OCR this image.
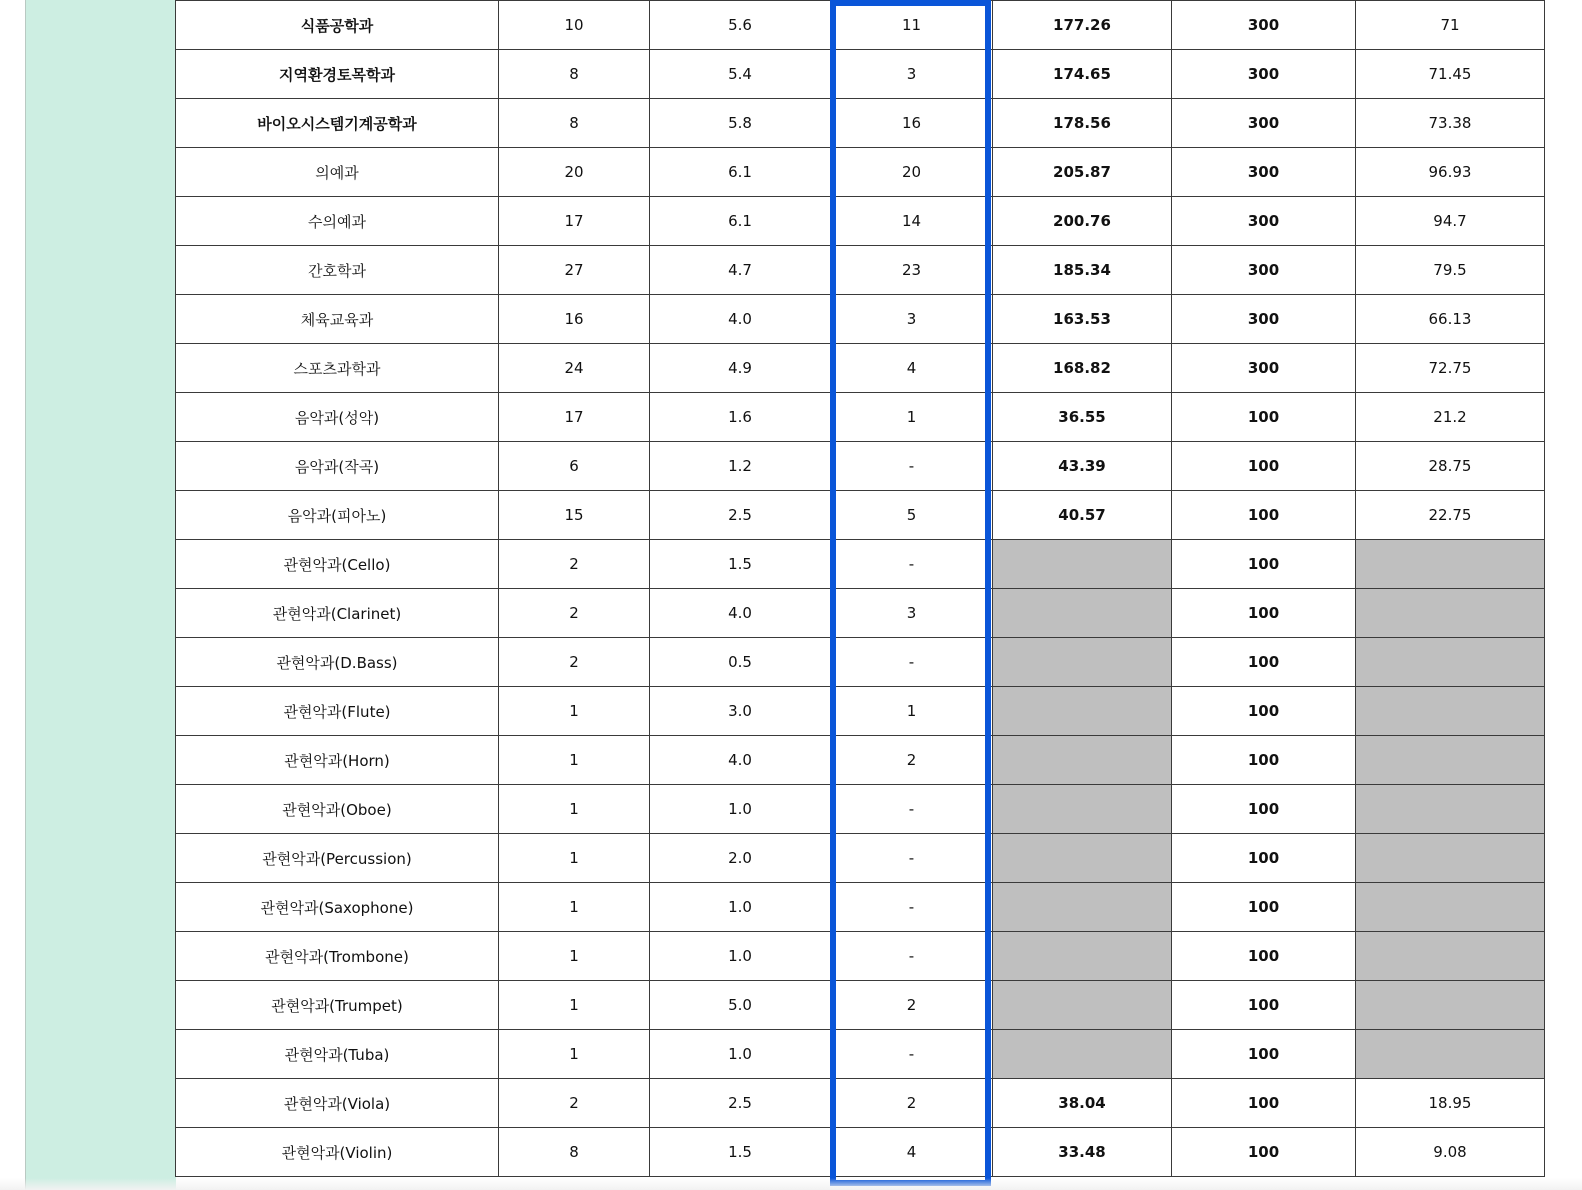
식품공학과	10	5.6	11	177.26	300	71
지역환경토목학과	8	5.4	3	174.65	300	71.45
바이오시스템기계공학과	8	5.8	16	178.56	300	73.38
의예과	20	6.1	20	205.87	300	96.93
수의예과	17	6.1	14	200.76	300	94.7
간호학과	27	4.7	23	185.34	300	79.5
체육교육과	16	4.0	3	163.53	300	66.13
스포츠과학과	24	4.9	4	168.82	300	72.75
음악과(성악)	17	1.6	1	36.55	100	21.2
음악과(작곡)	6	1.2	-	43.39	100	28.75
음악과(피아노)	15	2.5	5	40.57	100	22.75
관현악과(Cello)	2	1.5	-		100	
관현악과(Clarinet)	2	4.0	3		100	
관현악과(D.Bass)	2	0.5	-		100	
관현악과(Flute)	1	3.0	1		100	
관현악과(Horn)	1	4.0	2		100	
관현악과(Oboe)	1	1.0	-		100	
관현악과(Percussion)	1	2.0	-		100	
관현악과(Saxophone)	1	1.0	-		100	
관현악과(Trombone)	1	1.0	-		100	
관현악과(Trumpet)	1	5.0	2		100	
관현악과(Tuba)	1	1.0	-		100	
관현악과(Viola)	2	2.5	2	38.04	100	18.95
관현악과(Violin)	8	1.5	4	33.48	100	9.08
